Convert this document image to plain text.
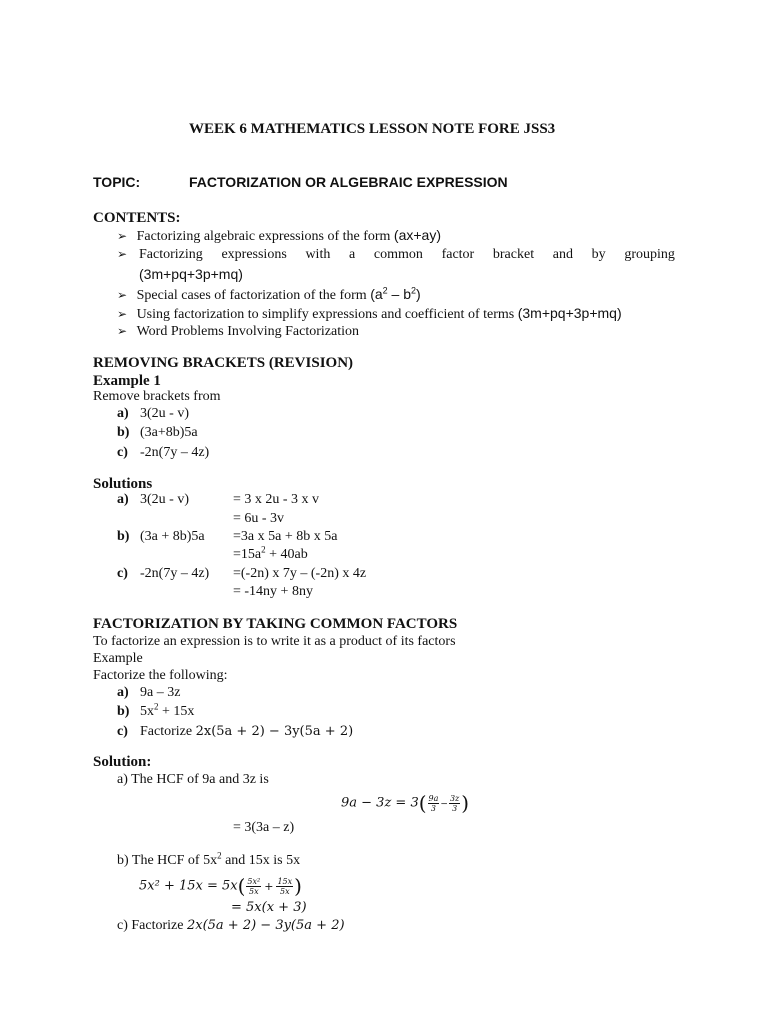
WEEK 6 MATHEMATICS LESSON NOTE FORE JSS3
TOPIC:	FACTORIZATION OR ALGEBRAIC EXPRESSION
CONTENTS:
➢ Factorizing algebraic expressions of the form (ax+ay)
➢ Factorizing expressions with a common factor bracket and by grouping
(3m+pq+3p+mq)
➢ Special cases of factorization of the form $(a^2 - b^2)$
➢ Using factorization to simplify expressions and coefficient of terms (3m+pq+3p+mq)
➢ Word Problems Involving Factorization
REMOVING BRACKETS (REVISION)
Example 1
Remove brackets from
a) 3(2u - v)
b) (3a+8b)5a
c) -2n(7y – 4z)
Solutions
a) 3(2u - v)	= 3 x 2u - 3 x v
= 6u - 3v
b) (3a + 8b)5a =3a x 5a + 8b x 5a
$=15a^2 + 40ab$
c) -2n(7y – 4z) =(-2n) x 7y – (-2n) x 4z
= -14ny + 8ny
FACTORIZATION BY TAKING COMMON FACTORS
To factorize an expression is to write it as a product of its factors
Example
Factorize the following:
a) 9a – 3z
b) $5x^2 + 15x$
c) Factorize 2x(5a + 2) − 3y(5a + 2)
Solution:
a) The HCF of 9a and 3z is
$9a - 3z = 3( \frac{9a}{3} - \frac{3z}{3}$ )
= 3(3a – z)
b) The HCF of $5x^2$ and 15x is 5x
$5x^2 + 15x = 5x( \frac{\text{5x²}}{5x} + \frac{15x}{5x}$ )
= 5x(x + 3)
c) Factorize 2x(5a + 2) − 3y(5a + 2)
